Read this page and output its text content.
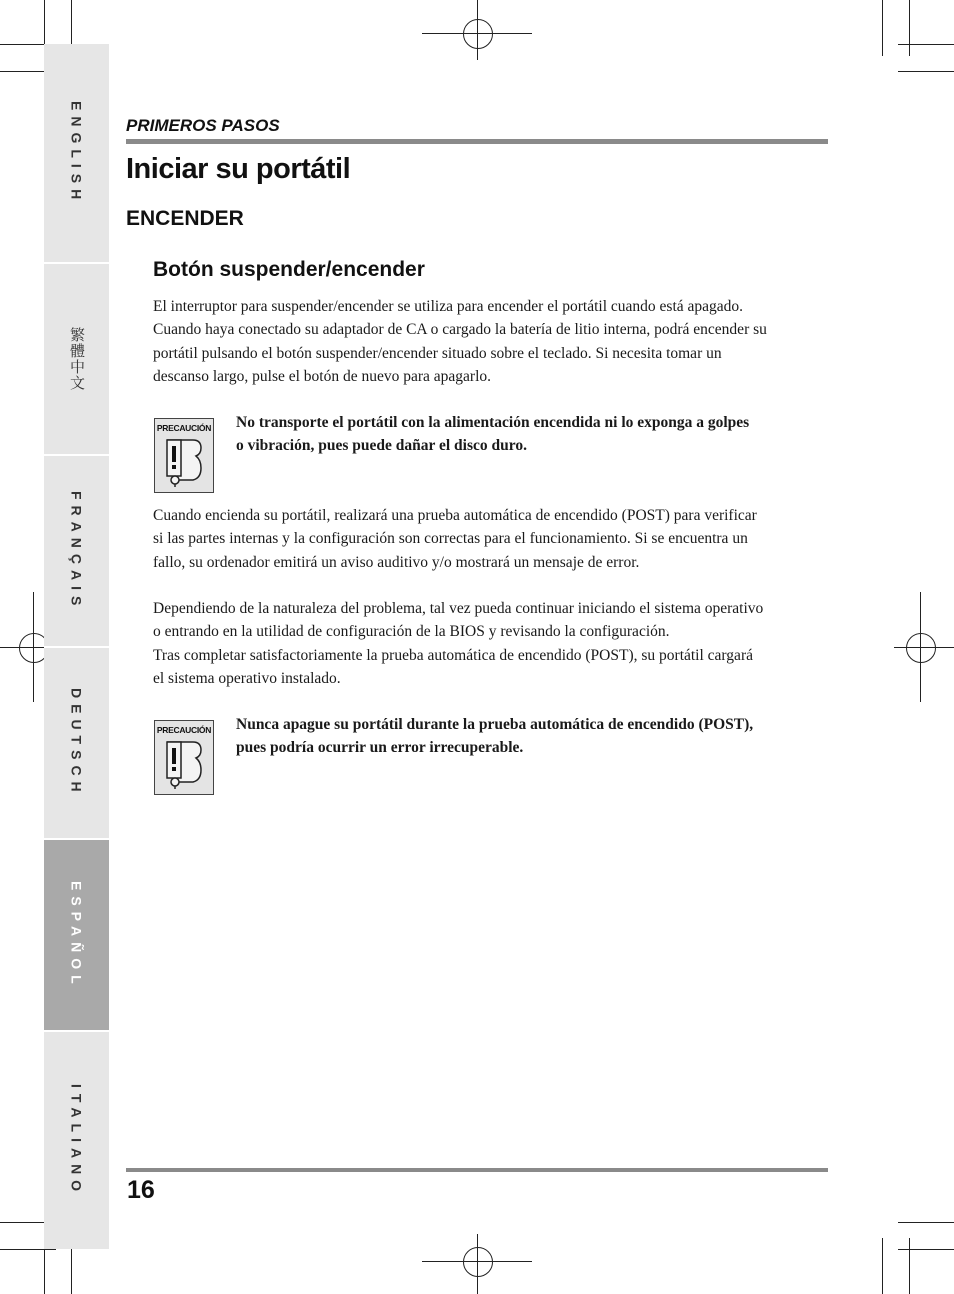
ENGLISH
繁體中文
FRANÇAIS
DEUTSCH
ESPAÑOL
ITALIANO
PRIMEROS PASOS
Iniciar su portátil
ENCENDER
Botón suspender/encender

El interruptor para suspender/encender se utiliza para encender el portátil cuando está apagado.
Cuando haya conectado su adaptador de CA o cargado la batería de litio interna, podrá encender su
portátil pulsando el botón suspender/encender situado sobre el teclado. Si necesita tomar un
descanso largo, pulse el botón de nuevo para apagarlo.

PRECAUCIÓN No transporte el portátil con la alimentación encendida ni lo exponga a golpes
o vibración, pues puede dañar el disco duro.

Cuando encienda su portátil, realizará una prueba automática de encendido (POST) para verificar
si las partes internas y la configuración son correctas para el funcionamiento. Si se encuentra un
fallo, su ordenador emitirá un aviso auditivo y/o mostrará un mensaje de error.

Dependiendo de la naturaleza del problema, tal vez pueda continuar iniciando el sistema operativo
o entrando en la utilidad de configuración de la BIOS y revisando la configuración.
Tras completar satisfactoriamente la prueba automática de encendido (POST), su portátil cargará
el sistema operativo instalado.

PRECAUCIÓN Nunca apague su portátil durante la prueba automática de encendido (POST),
pues podría ocurrir un error irrecuperable.

16
